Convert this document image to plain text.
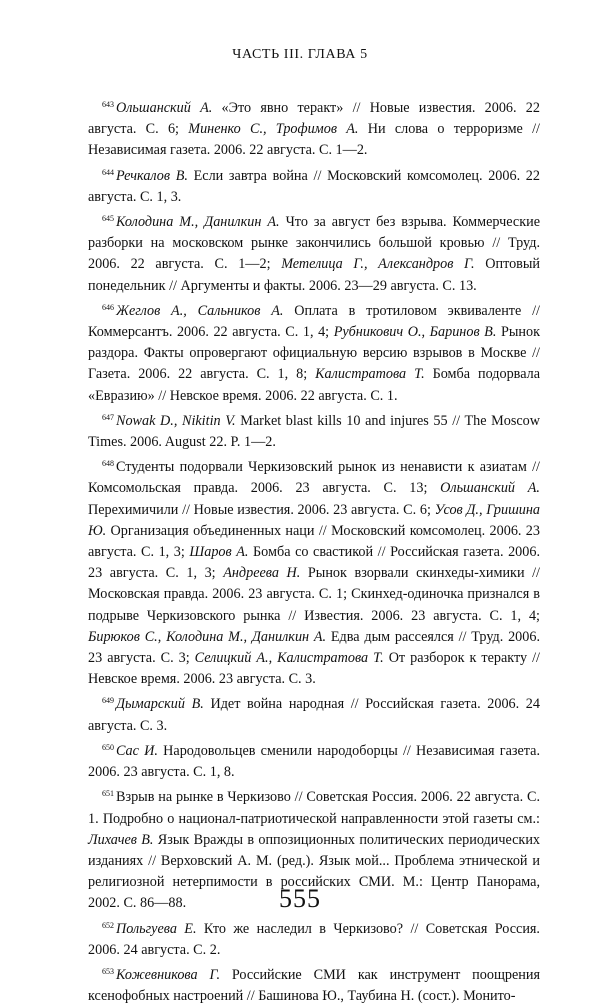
ЧАСТЬ III. ГЛАВА 5

$^{643}$ Ольшанский А. «Это явно теракт» // Новые известия. 2006. 22 августа. С. 6; Миненко С., Трофимов А. Ни слова о терроризме // Независимая газета. 2006. 22 августа. С. 1—2.

$^{644}$ Речкалов В. Если завтра война // Московский комсомолец. 2006. 22 августа. С. 1, 3.

$^{645}$ Колодина М., Данилкин А. Что за август без взрыва. Коммерческие разборки на московском рынке закончились большой кровью // Труд. 2006. 22 августа. С. 1—2; Метелица Г., Александров Г. Оптовый понедельник // Аргументы и факты. 2006. 23—29 августа. С. 13.

$^{646}$ Жеглов А., Сальников А. Оплата в тротиловом эквиваленте // Коммерсантъ. 2006. 22 августа. С. 1, 4; Рубникович О., Баринов В. Рынок раздора. Факты опровергают официальную версию взрывов в Москве // Газета. 2006. 22 августа. С. 1, 8; Калистратова Т. Бомба подорвала «Евразию» // Невское время. 2006. 22 августа. С. 1.

$^{647}$ Nowak D., Nikitin V. Market blast kills 10 and injures 55 // The Moscow Times. 2006. August 22. P. 1—2.

$^{648}$ Студенты подорвали Черкизовский рынок из ненависти к азиатам // Комсомольская правда. 2006. 23 августа. С. 13; Ольшанский А. Перехимичили // Новые известия. 2006. 23 августа. С. 6; Усов Д., Гришина Ю. Организация объединенных наци // Московский комсомолец. 2006. 23 августа. С. 1, 3; Шаров А. Бомба со свастикой // Российская газета. 2006. 23 августа. С. 1, 3; Андреева Н. Рынок взорвали скинхеды-химики // Московская правда. 2006. 23 августа. С. 1; Скинхед-одиночка признался в подрыве Черкизовского рынка // Известия. 2006. 23 августа. С. 1, 4; Бирюков С., Колодина М., Данилкин А. Едва дым рассеялся // Труд. 2006. 23 августа. С. 3; Селицкий А., Калистратова Т. От разборок к теракту // Невское время. 2006. 23 августа. С. 3.

$^{649}$ Дымарский В. Идет война народная // Российская газета. 2006. 24 августа. С. 3.

$^{650}$ Сас И. Народовольцев сменили народоборцы // Независимая газета. 2006. 23 августа. С. 1, 8.

$^{651}$ Взрыв на рынке в Черкизово // Советская Россия. 2006. 22 августа. С. 1. Подробно о национал-патриотической направленности этой газеты см.: Лихачев В. Язык Вражды в оппозиционных политических периодических изданиях // Верховский А. М. (ред.). Язык мой... Проблема этнической и религиозной нетерпимости в российских СМИ. М.: Центр Панорама, 2002. С. 86—88.

$^{652}$ Польгуева Е. Кто же наследил в Черкизово? // Советская Россия. 2006. 24 августа. С. 2.

$^{653}$ Кожевникова Г. Российские СМИ как инструмент поощрения ксенофобных настроений // Башинова Ю., Таубина Н. (сост.). Монито-

555
